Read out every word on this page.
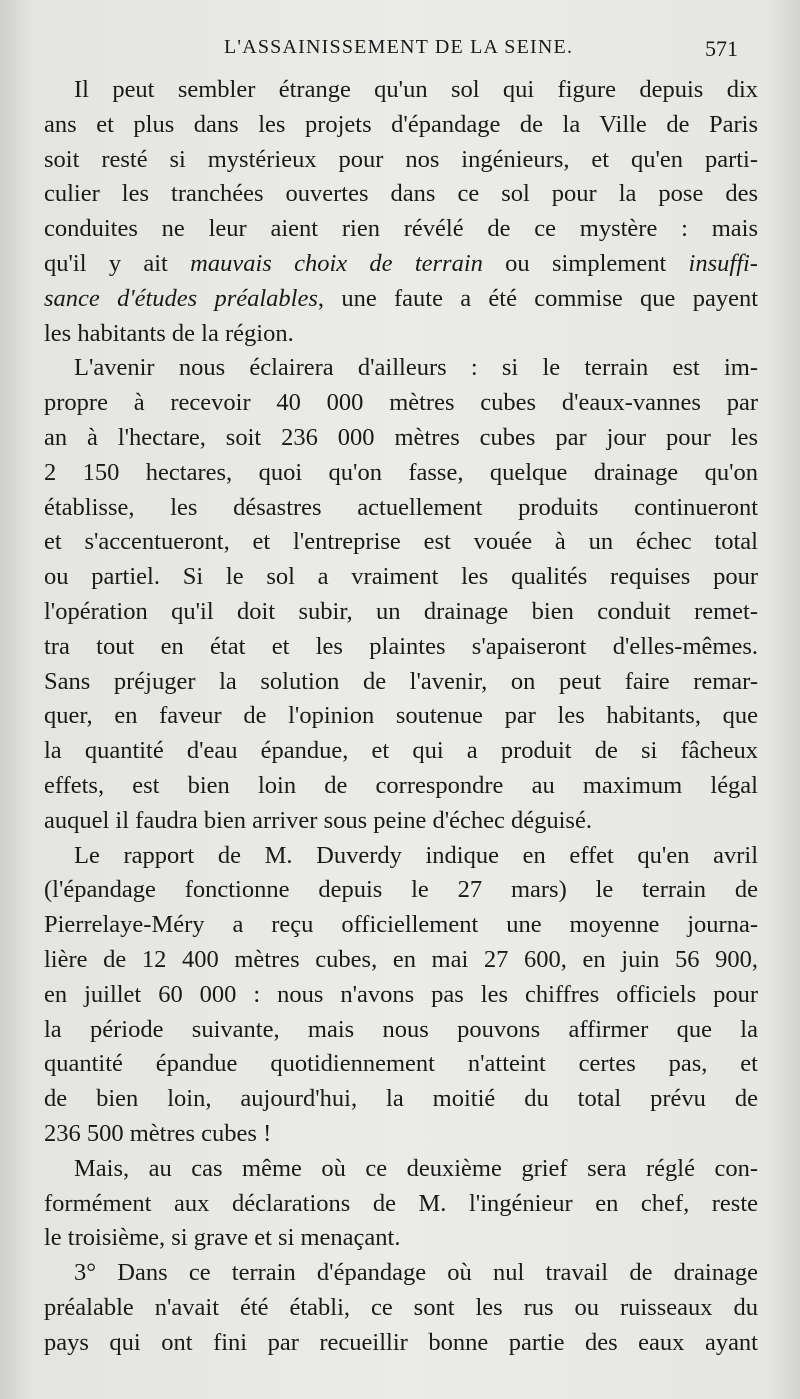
L'ASSAINISSEMENT DE LA SEINE.	571
Il peut sembler étrange qu'un sol qui figure depuis dix
ans et plus dans les projets d'épandage de la Ville de Paris
soit resté si mystérieux pour nos ingénieurs, et qu'en parti-
culier les tranchées ouvertes dans ce sol pour la pose des
conduites ne leur aient rien révélé de ce mystère : mais
qu'il y ait mauvais choix de terrain ou simplement insuffi-
sance d'études préalables, une faute a été commise que payent
les habitants de la région.
L'avenir nous éclairera d'ailleurs : si le terrain est im-
propre à recevoir 40 000 mètres cubes d'eaux-vannes par
an à l'hectare, soit 236 000 mètres cubes par jour pour les
2 150 hectares, quoi qu'on fasse, quelque drainage qu'on
établisse, les désastres actuellement produits continueront
et s'accentueront, et l'entreprise est vouée à un échec total
ou partiel. Si le sol a vraiment les qualités requises pour
l'opération qu'il doit subir, un drainage bien conduit remet-
tra tout en état et les plaintes s'apaiseront d'elles-mêmes.
Sans préjuger la solution de l'avenir, on peut faire remar-
quer, en faveur de l'opinion soutenue par les habitants, que
la quantité d'eau épandue, et qui a produit de si fâcheux
effets, est bien loin de correspondre au maximum légal
auquel il faudra bien arriver sous peine d'échec déguisé.
Le rapport de M. Duverdy indique en effet qu'en avril
(l'épandage fonctionne depuis le 27 mars) le terrain de
Pierrelaye-Méry a reçu officiellement une moyenne journa-
lière de 12 400 mètres cubes, en mai 27 600, en juin 56 900,
en juillet 60 000 : nous n'avons pas les chiffres officiels pour
la période suivante, mais nous pouvons affirmer que la
quantité épandue quotidiennement n'atteint certes pas, et
de bien loin, aujourd'hui, la moitié du total prévu de
236 500 mètres cubes !
Mais, au cas même où ce deuxième grief sera réglé con-
formément aux déclarations de M. l'ingénieur en chef, reste
le troisième, si grave et si menaçant.
3° Dans ce terrain d'épandage où nul travail de drainage
préalable n'avait été établi, ce sont les rus ou ruisseaux du
pays qui ont fini par recueillir bonne partie des eaux ayant
